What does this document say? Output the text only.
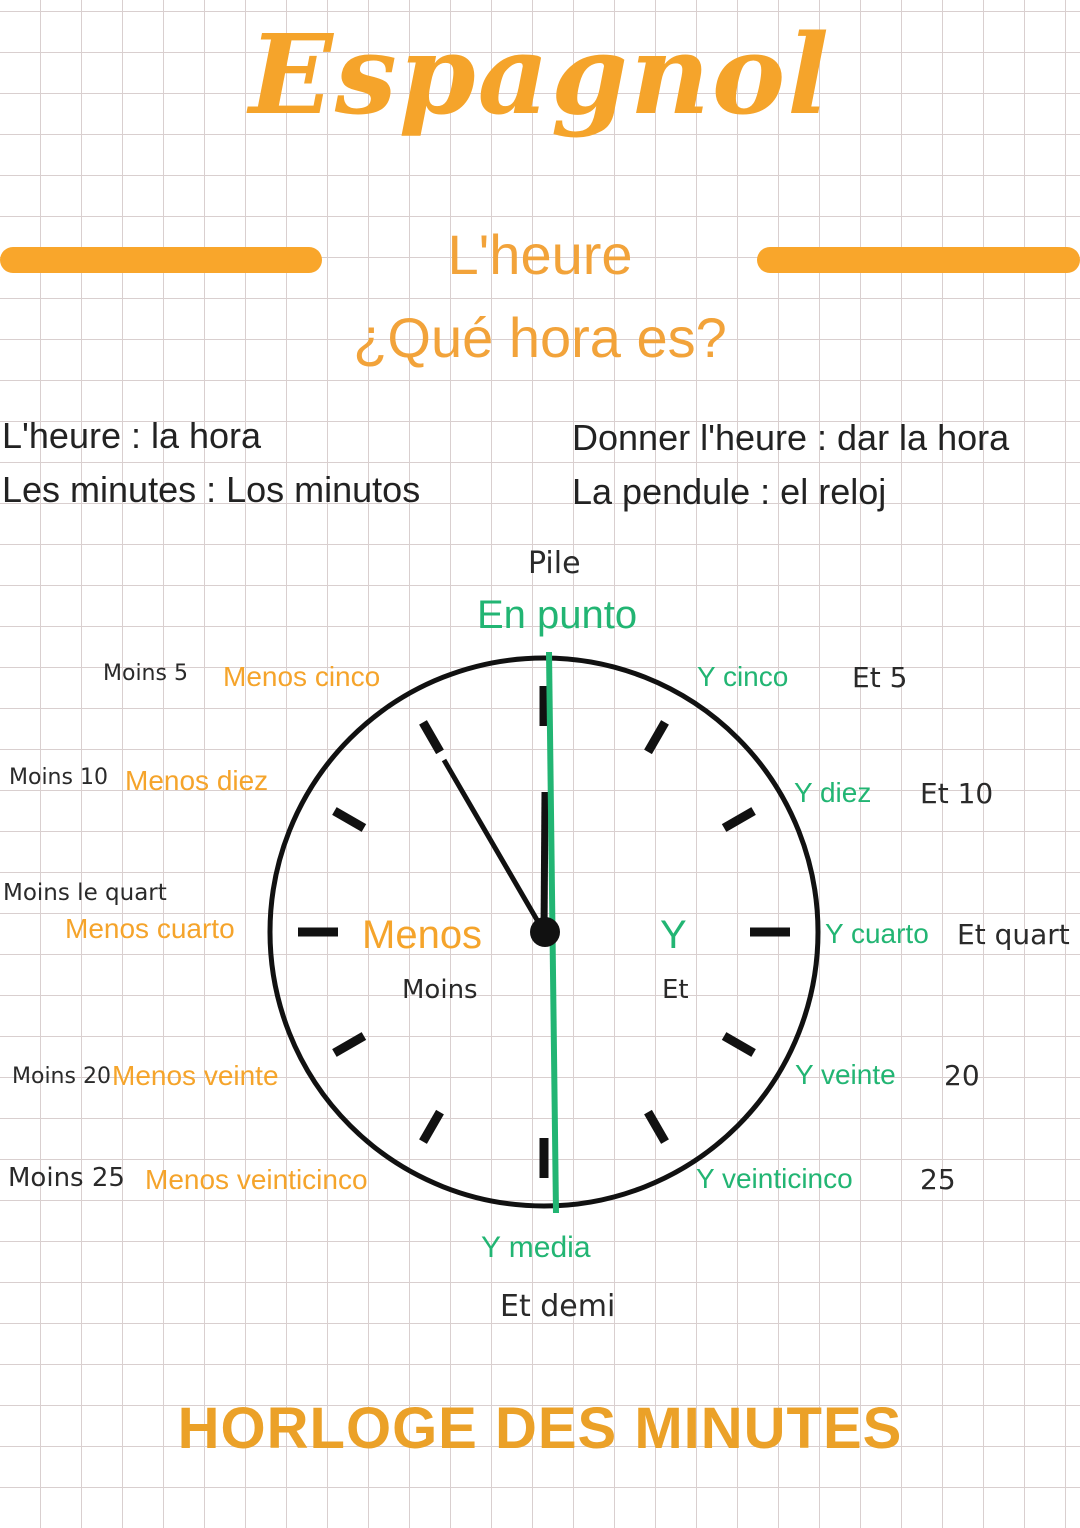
Espagnol
L'heure
¿Qué hora es?
L'heure : la hora
Les minutes : Los minutos
Donner l'heure : dar la hora
La pendule : el reloj
Pile
En punto
Y media
Et demi
Menos
Moins
Y
Et
Moins 5 Menos cinco
Moins 10 Menos diez
Moins le quart
Menos cuarto
Moins 20 Menos veinte
Moins 25 Menos veinticinco
Y cinco Et 5
Y diez Et 10
Y cuarto Et quart
Y veinte 20
Y veinticinco 25
HORLOGE DES MINUTES
